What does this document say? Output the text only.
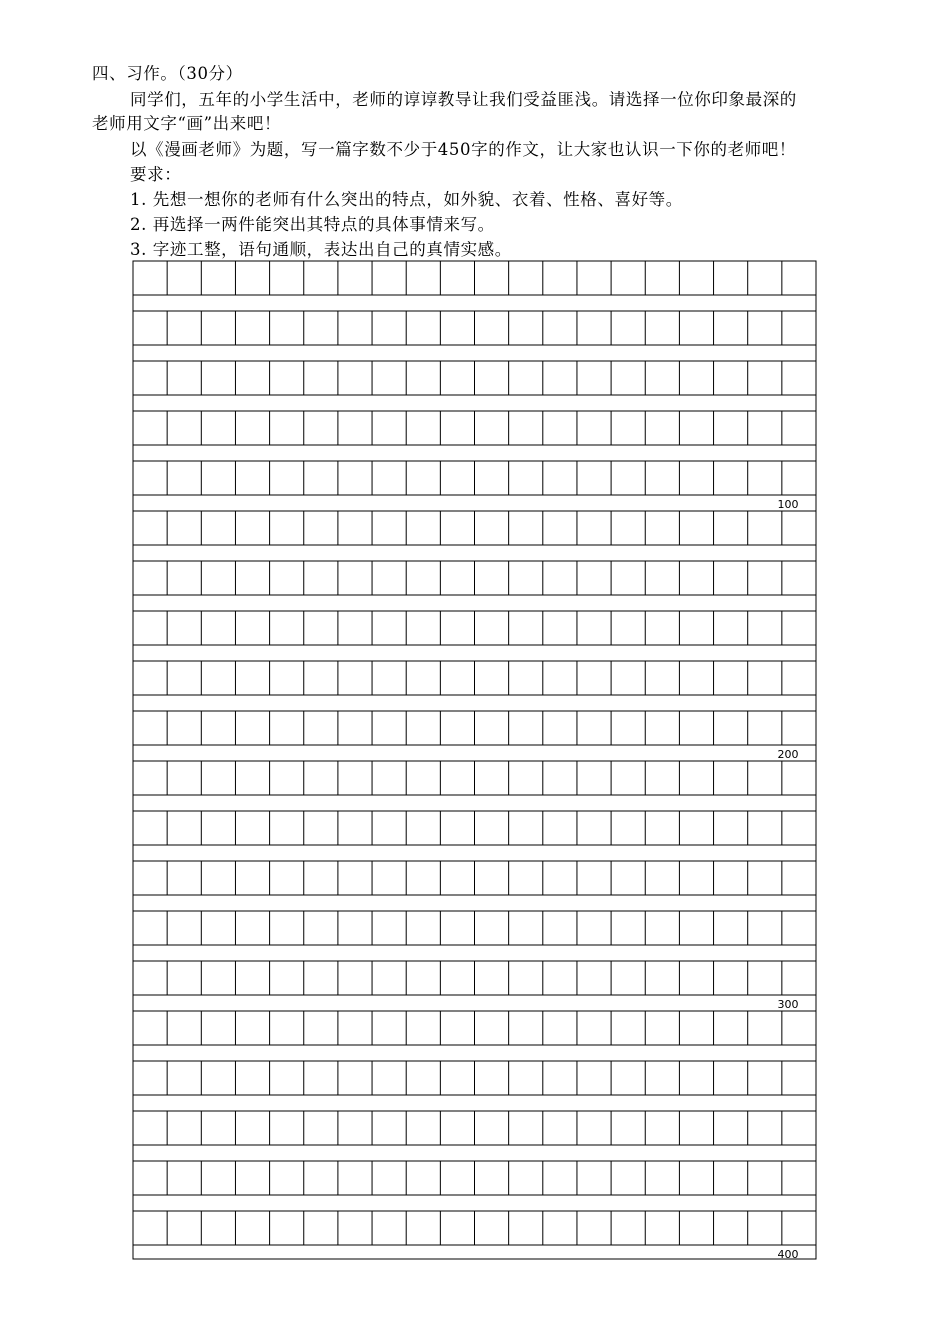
四、习作。（30分）
同学们，五年的小学生活中，老师的谆谆教导让我们受益匪浅。请选择一位你印象最深的
老师用文字“画”出来吧！
以《漫画老师》为题，写一篇字数不少于450字的作文，让大家也认识一下你的老师吧！
要求：
1. 先想一想你的老师有什么突出的特点，如外貌、衣着、性格、喜好等。
2. 再选择一两件能突出其特点的具体事情来写。
3. 字迹工整，语句通顺，表达出自己的真情实感。
100
200
300
400
